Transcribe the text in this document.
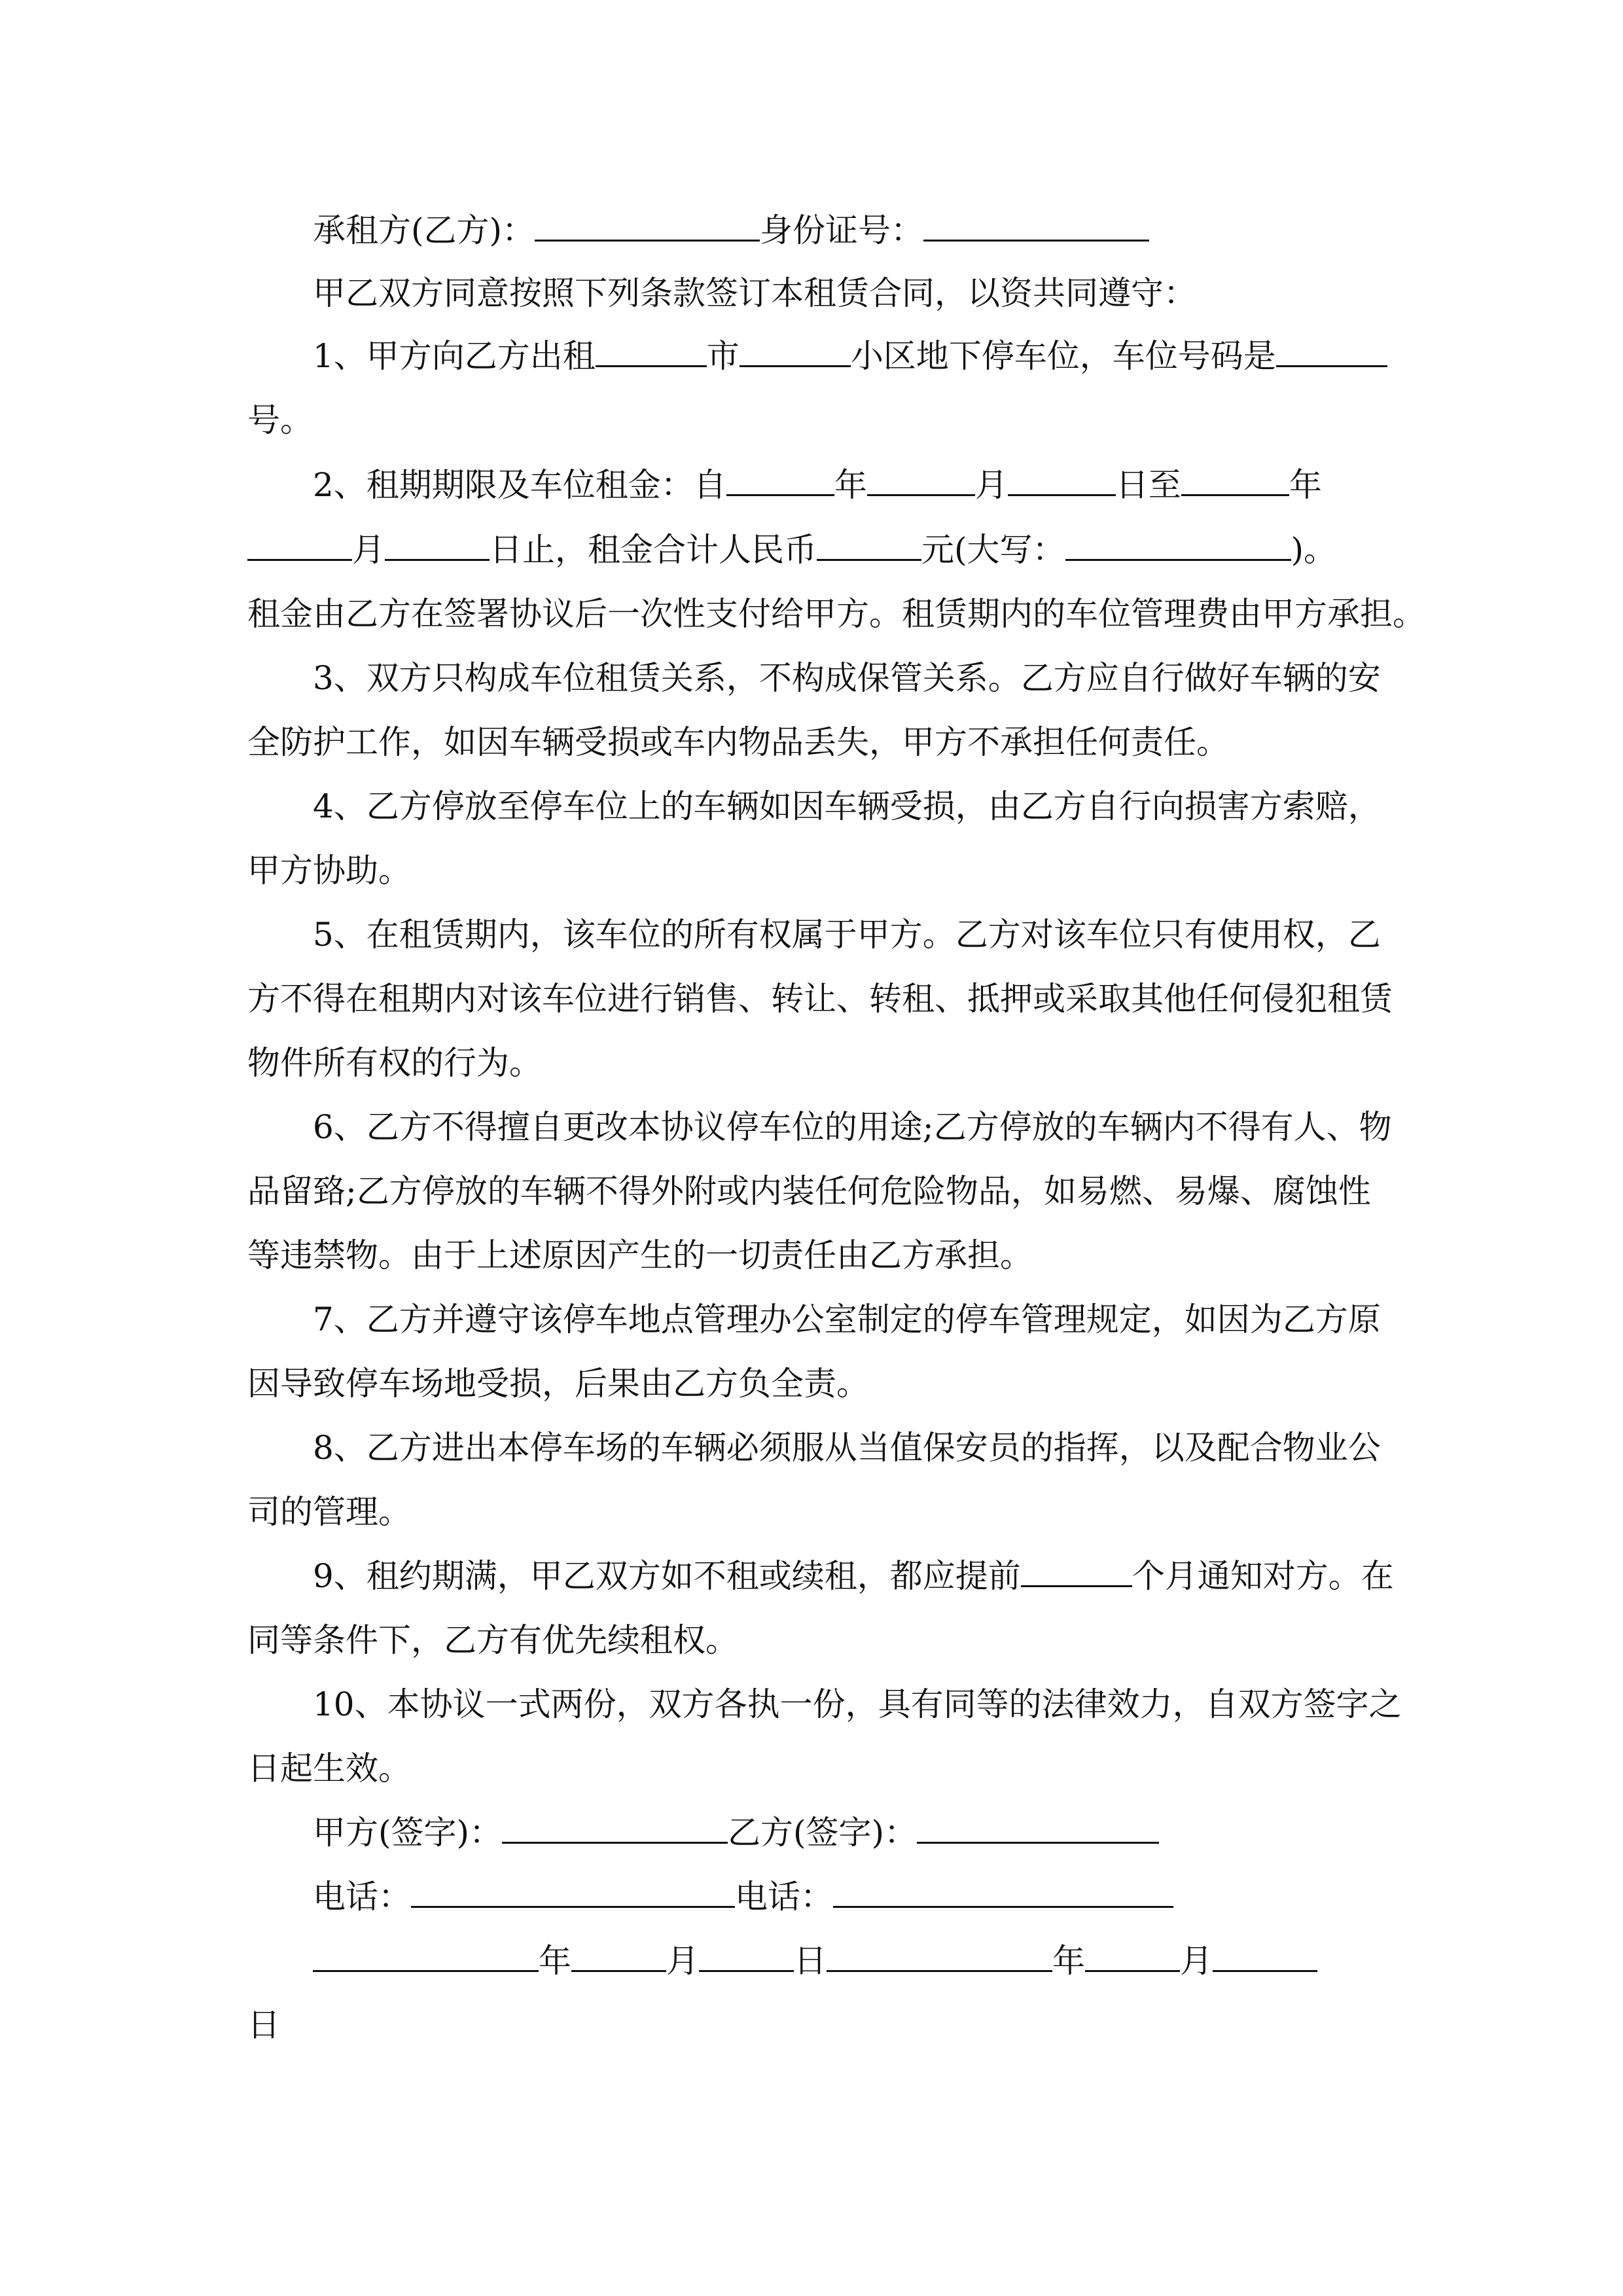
承租方(乙方)：	身份证号：

甲乙双方同意按照下列条款签订本租赁合同，以资共同遵守：

1、甲方向乙方出租	市	小区地下停车位，车位号码是

号。

2、租期期限及车位租金：自	年	月	日至	年

月	日止，租金合计人民币	元(大写：	)。

租金由乙方在签署协议后一次性支付给甲方。租赁期内的车位管理费由甲方承担。

3、双方只构成车位租赁关系，不构成保管关系。乙方应自行做好车辆的安

全防护工作，如因车辆受损或车内物品丢失，甲方不承担任何责任。

4、乙方停放至停车位上的车辆如因车辆受损，由乙方自行向损害方索赔，

甲方协助。

5、在租赁期内，该车位的所有权属于甲方。乙方对该车位只有使用权，乙

方不得在租期内对该车位进行销售、转让、转租、抵押或采取其他任何侵犯租赁

物件所有权的行为。

6、乙方不得擅自更改本协议停车位的用途;乙方停放的车辆内不得有人、物

品留臵;乙方停放的车辆不得外附或内装任何危险物品，如易燃、易爆、腐蚀性

等违禁物。由于上述原因产生的一切责任由乙方承担。

7、乙方并遵守该停车地点管理办公室制定的停车管理规定，如因为乙方原

因导致停车场地受损，后果由乙方负全责。

8、乙方进出本停车场的车辆必须服从当值保安员的指挥，以及配合物业公

司的管理。

9、租约期满，甲乙双方如不租或续租，都应提前	个月通知对方。在

同等条件下，乙方有优先续租权。

10、本协议一式两份，双方各执一份，具有同等的法律效力，自双方签字之

日起生效。

甲方(签字)：	乙方(签字)：

电话：	电话：

年	月	日	年	月

日
